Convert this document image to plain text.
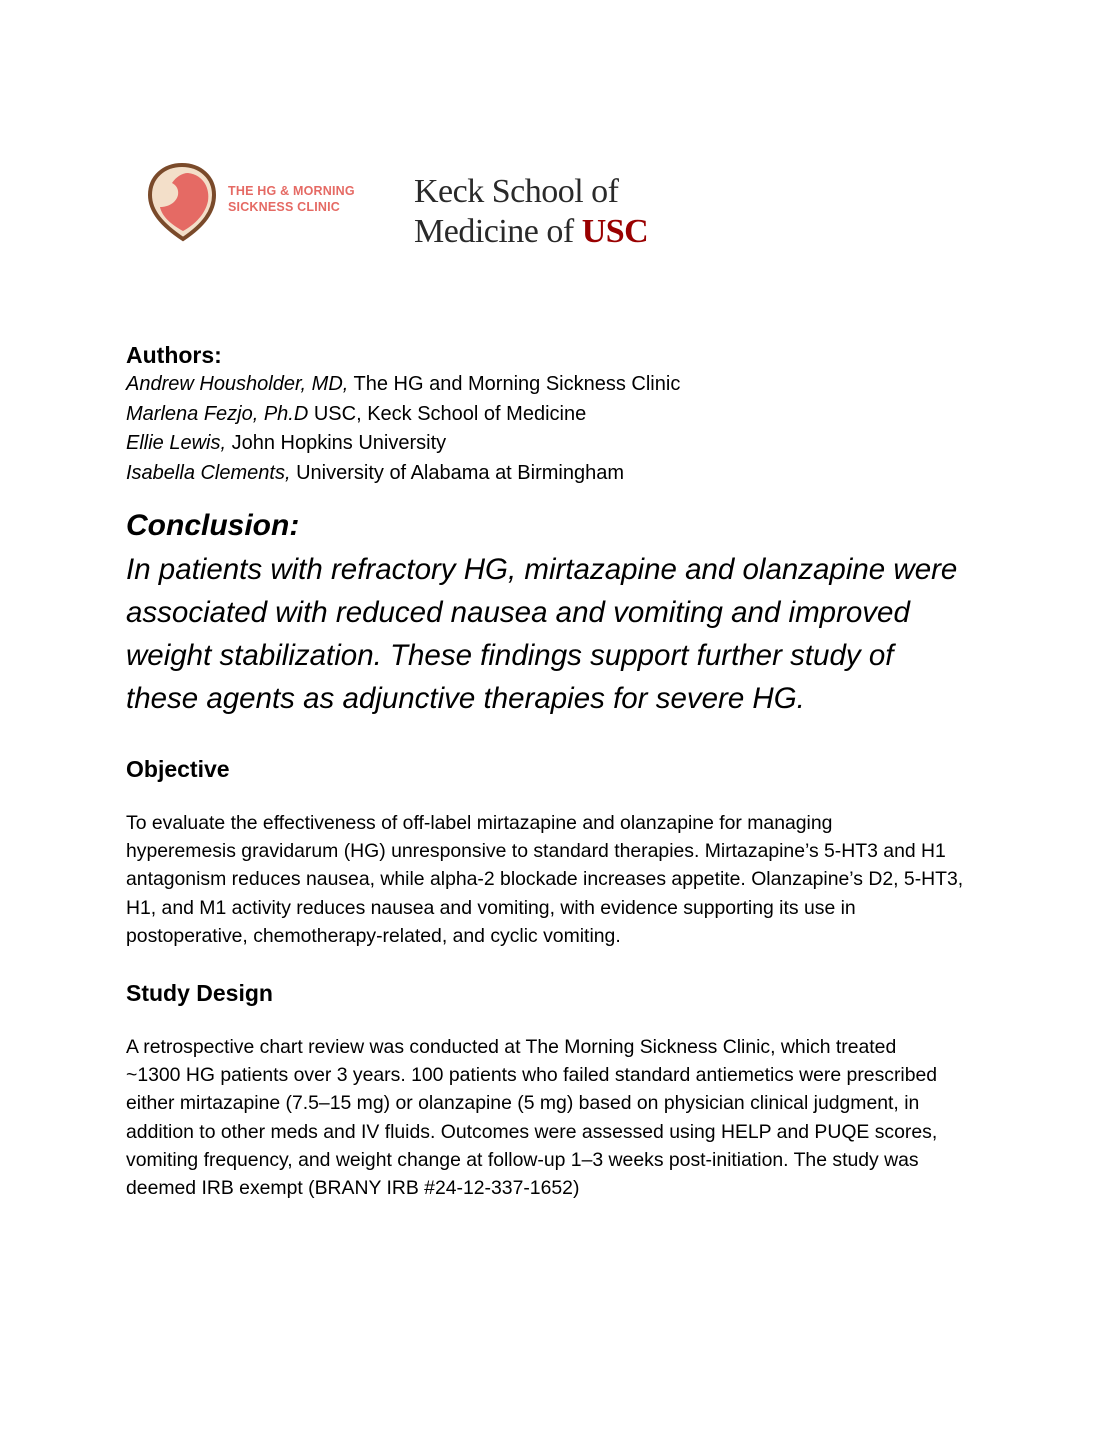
THE HG & MORNING
SICKNESS CLINIC	Keck School of
Medicine of USC
Authors:
Andrew Housholder, MD, The HG and Morning Sickness Clinic
Marlena Fezjo, Ph.D USC, Keck School of Medicine
Ellie Lewis, John Hopkins University
Isabella Clements, University of Alabama at Birmingham
Conclusion:
In patients with refractory HG, mirtazapine and olanzapine were
associated with reduced nausea and vomiting and improved
weight stabilization. These findings support further study of
these agents as adjunctive therapies for severe HG.
Objective
To evaluate the effectiveness of off-label mirtazapine and olanzapine for managing
hyperemesis gravidarum (HG) unresponsive to standard therapies. Mirtazapine’s 5-HT3 and H1
antagonism reduces nausea, while alpha-2 blockade increases appetite. Olanzapine’s D2, 5-HT3,
H1, and M1 activity reduces nausea and vomiting, with evidence supporting its use in
postoperative, chemotherapy-related, and cyclic vomiting.
Study Design
A retrospective chart review was conducted at The Morning Sickness Clinic, which treated
~1300 HG patients over 3 years. 100 patients who failed standard antiemetics were prescribed
either mirtazapine (7.5–15 mg) or olanzapine (5 mg) based on physician clinical judgment, in
addition to other meds and IV fluids. Outcomes were assessed using HELP and PUQE scores,
vomiting frequency, and weight change at follow-up 1–3 weeks post-initiation. The study was
deemed IRB exempt (BRANY IRB #24-12-337-1652)
